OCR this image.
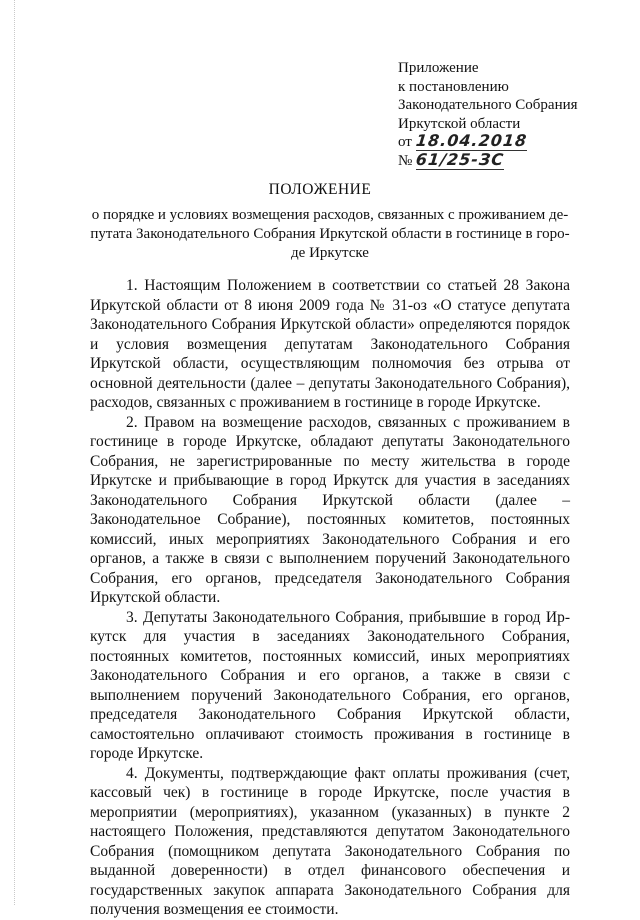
Приложение
к постановлению
Законодательного Собрания
Иркутской области
от 18.04.2018
№ 61/25-ЗС
ПОЛОЖЕНИЕ
о порядке и условиях возмещения расходов, связанных с проживанием депутата Законодательного Собрания Иркутской области в гостинице в городе Иркутске

1. Настоящим Положением в соответствии со статьей 28 Закона Иркутской области от 8 июня 2009 года № 31-оз «О статусе депутата Законодательного Собрания Иркутской области» определяются порядок и условия возмещения депутатам Законодательного Собрания Иркутской области, осуществляющим полномочия без отрыва от основной деятельности (далее – депутаты Законодательного Собрания), расходов, связанных с проживанием в гостинице в городе Иркутске.

2. Правом на возмещение расходов, связанных с проживанием в гостинице в городе Иркутске, обладают депутаты Законодательного Собрания, не зарегистрированные по месту жительства в городе Иркутске и прибывающие в город Иркутск для участия в заседаниях Законодательного Собрания Иркутской области (далее – Законодательное Собрание), постоянных комитетов, постоянных комиссий, иных мероприятиях Законодательного Собрания и его органов, а также в связи с выполнением поручений Законодательного Собрания, его органов, председателя Законодательного Собрания Иркутской области.

3. Депутаты Законодательного Собрания, прибывшие в город Иркутск для участия в заседаниях Законодательного Собрания, постоянных комитетов, постоянных комиссий, иных мероприятиях Законодательного Собрания и его органов, а также в связи с выполнением поручений Законодательного Собрания, его органов, председателя Законодательного Собрания Иркутской области, самостоятельно оплачивают стоимость проживания в гостинице в городе Иркутске.

4. Документы, подтверждающие факт оплаты проживания (счет, кассовый чек) в гостинице в городе Иркутске, после участия в мероприятии (мероприятиях), указанном (указанных) в пункте 2 настоящего Положения, представляются депутатом Законодательного Собрания (помощником депутата Законодательного Собрания по выданной доверенности) в отдел финансового обеспечения и государственных закупок аппарата Законодательного Собрания для получения возмещения ее стоимости.
